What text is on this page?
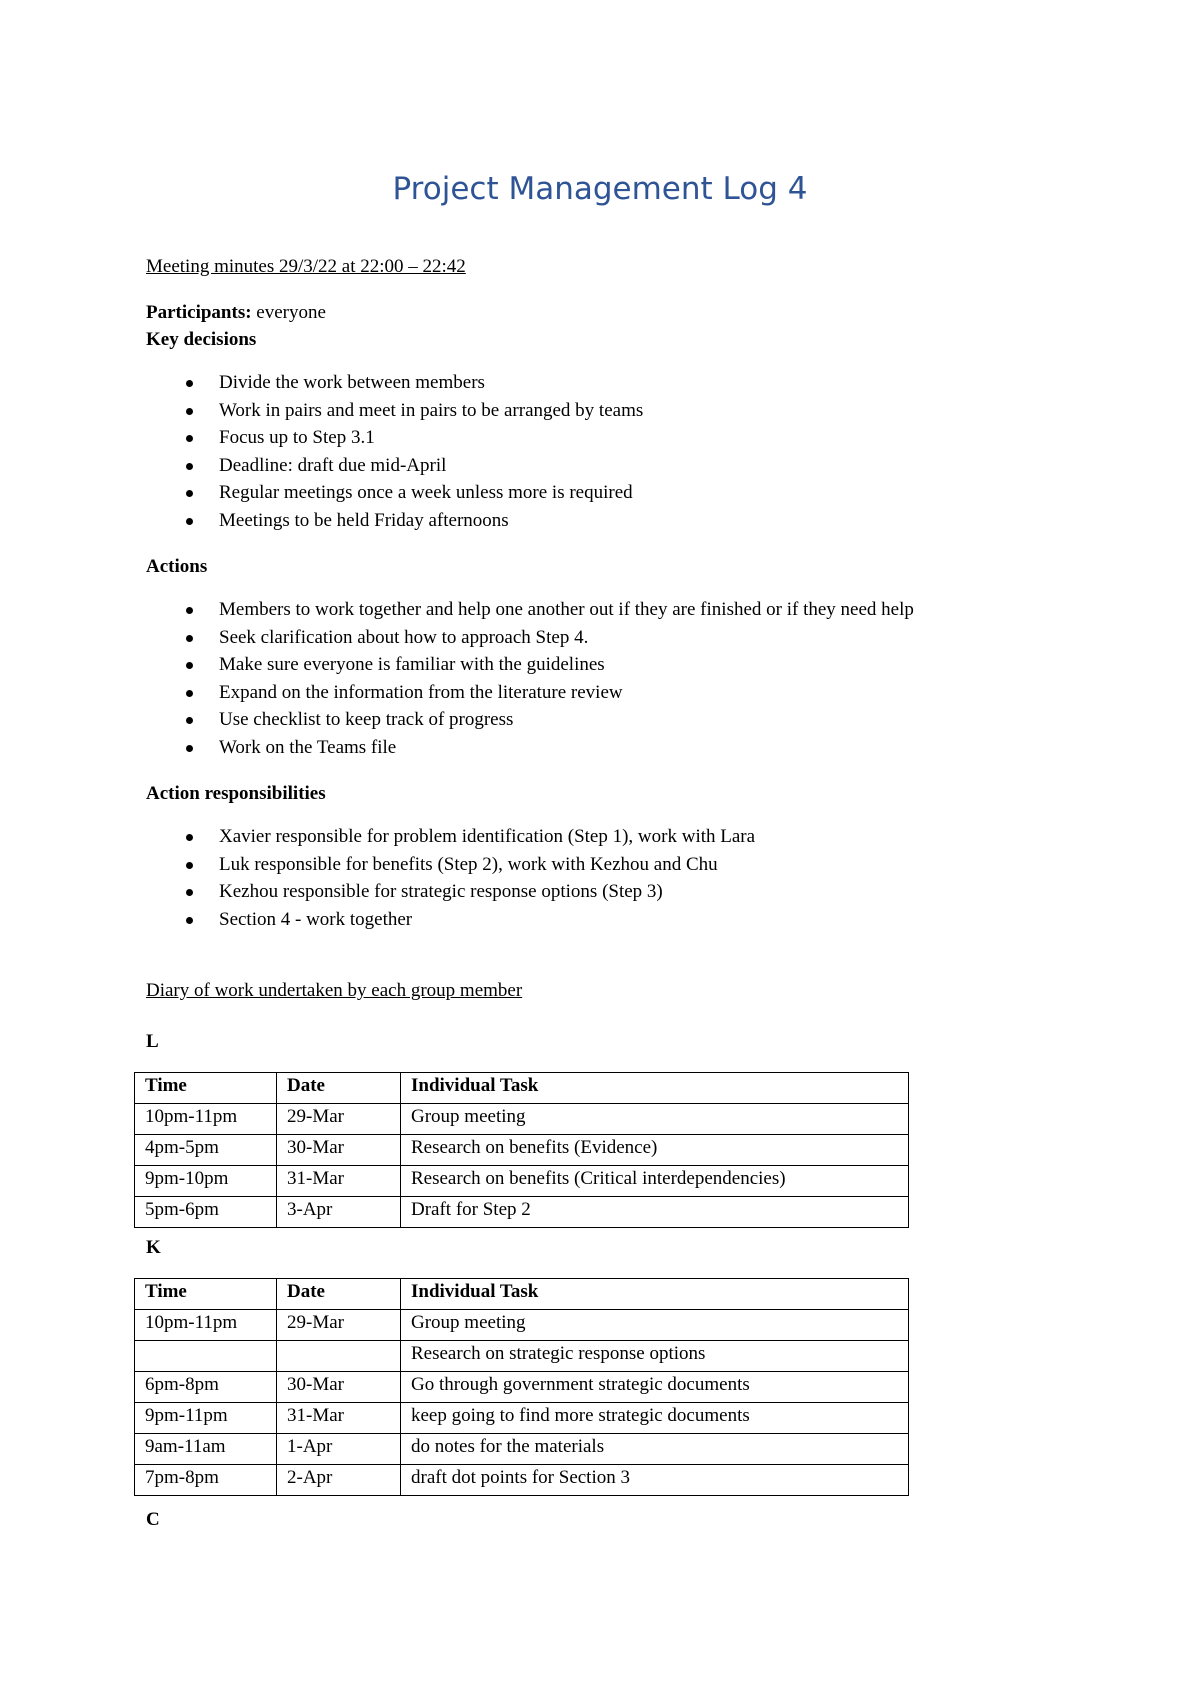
Project Management Log 4
Meeting minutes 29/3/22 at 22:00 – 22:42
Participants: everyone
Key decisions
Divide the work between members
Work in pairs and meet in pairs to be arranged by teams
Focus up to Step 3.1
Deadline: draft due mid-April
Regular meetings once a week unless more is required
Meetings to be held Friday afternoons
Actions
Members to work together and help one another out if they are finished or if they need help
Seek clarification about how to approach Step 4.
Make sure everyone is familiar with the guidelines
Expand on the information from the literature review
Use checklist to keep track of progress
Work on the Teams file
Action responsibilities
Xavier responsible for problem identification (Step 1), work with Lara
Luk responsible for benefits (Step 2), work with Kezhou and Chu
Kezhou responsible for strategic response options (Step 3)
Section 4 - work together
Diary of work undertaken by each group member
L
Time	Date	Individual Task
10pm-11pm	29-Mar	Group meeting
4pm-5pm	30-Mar	Research on benefits (Evidence)
9pm-10pm	31-Mar	Research on benefits (Critical interdependencies)
5pm-6pm	3-Apr	Draft for Step 2
K
Time	Date	Individual Task
10pm-11pm	29-Mar	Group meeting
		Research on strategic response options
6pm-8pm	30-Mar	Go through government strategic documents
9pm-11pm	31-Mar	keep going to find more strategic documents
9am-11am	1-Apr	do notes for the materials
7pm-8pm	2-Apr	draft dot points for Section 3
C
